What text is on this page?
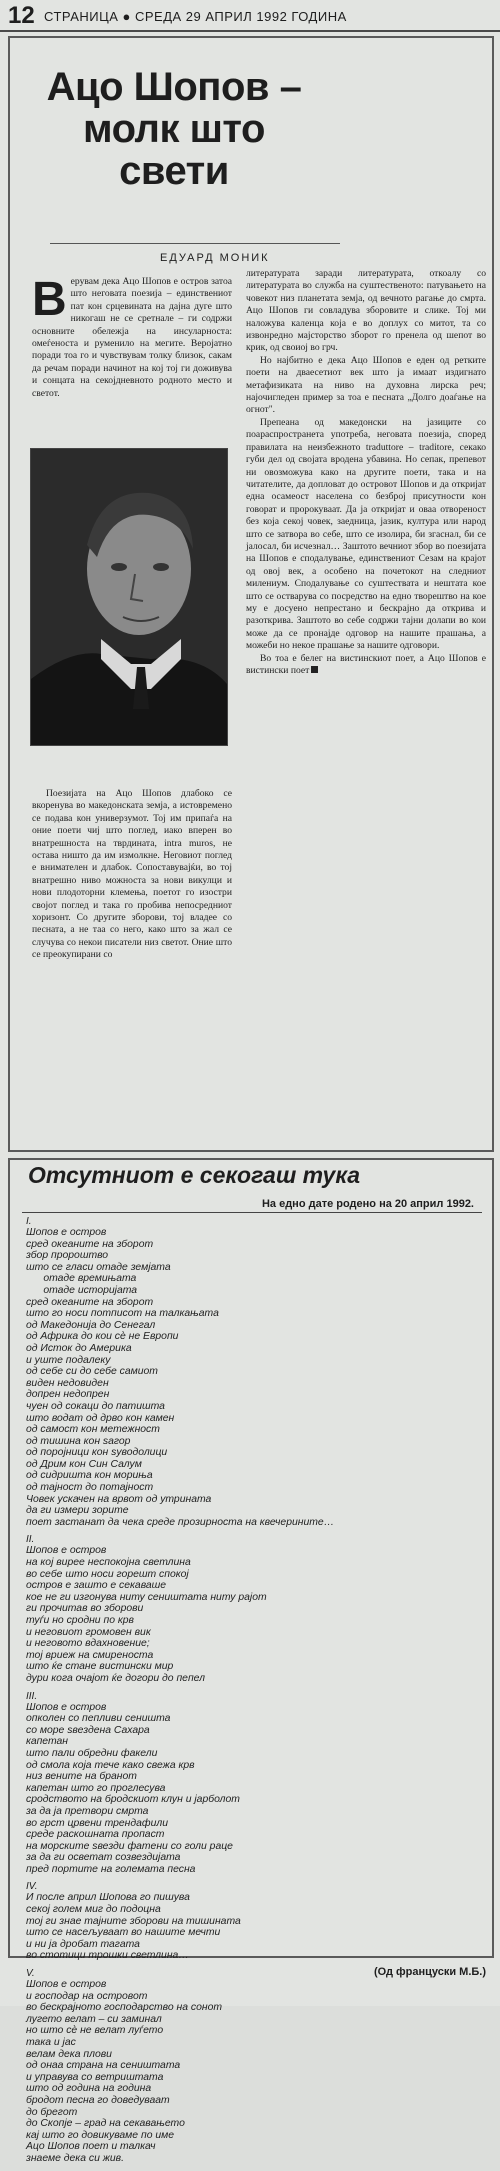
12 СТРАНИЦА ● СРЕДА 29 АПРИЛ 1992 ГОДИНА
Ацо Шопов – молк што свети
ЕДУАРД МОНИК
В ерувам дека Ацо Шопов е остров затоа што неговата поезија – единствениот пат кон срцевината на дајна дуге што никогаш не се сретнале – ги содржи основните обележја на инсуларноста: омеѓеноста и руменило на мегите. Веројатно поради тоа го и чувствувам толку близок, сакам да речам поради начинот на кој тој ги доживува и сонцата на секојдневното родното место и светот.

литературата заради литературата, откоалу со литературата во служба на суштественото: патувањето на човекот низ планетата земја, од вечното рагање до смрта. Ацо Шопов ги совладува зборовите и слике. Тој ми наложува каленца која е во доплух со митот, та со извонредно мајсторство зборот го пренела од шепот во крик, од своиој во грч.

Но најбитно е дека Ацо Шопов е еден од ретките поети на дваесетиот век што ја имаат издигнато метафизиката на ниво на духовна лирска реч; најочигледен пример за тоа е песната „Долго доаѓање на огнот".

Препеана од македонски на јазиците со поараспространета употреба, неговата поезија, според правилата на неизбежното traduttore – traditore, секако губи дел од својата вродена убавина. Но сепак, препевот ни овозможува како на другите поети, така и на читателите, да допловат до островот Шопов и да откријат една осамеост населена со безброј присутности кон говорат и пророкуваат. Да ја откријат и оваа отвореност без која секој човек, заедница, јазик, култура или народ што се затвора во себе, што се изолира, би згаснал, би се јалосал, би исчезнал… Заштото вечниот збор во поезијата на Шопов е сподалување, единствениот Сезам на крајот од овој век, а особено на почетокот на следниот милениум. Сподалување со суштествата и нештата кое што се остварува со посредство на едно творештво на кое му е досуено непрестано и бескрајно да открива и разоткрива. Заштото во себе содржи тајни долапи во кои може да се пронајде одговор на нашите прашања, а можеби но некое прашање за нашите одговори.

Во тоа е белег на вистинскиот поет, а Ацо Шопов е вистински поет

Поезијата на Ацо Шопов длабоко се вкоренува во македонската земја, а истовремено се подава кон универзумот. Тој им припаѓа на оние поети чиј што поглед, иако вперен во внатрешноста на тврдината, intra muros, не остава ништо да им измолкне. Неговиот поглед е внимателен и длабок. Сопоставувајќи, во тој внатрешно ниво можноста за нови викулци и нови плодоторни клемења, поетот го изостри својот поглед и така го пробива непосредниот хоризонт. Со другите зборови, тој владее со песната, а не таа со него, како што за жал се случува со некои писатели низ светот. Оние што се преокупирани со

Отсутниот е секогаш тука
На едно дате родено на 20 април 1992.
I.
Шопов е остров
сред океаните на зборот
збор пророштво
што се гласи отаде земјата
отаде времињата
отаде историјата
сред океаните на зборот
што го носи потписот на талкањата
од Македонија до Сенегал
од Африка до кои сѐ не Европи
од Исток до Америка
и уште подалеку
од себе си до себе самиот
виден недовиден
допрен недопрен
чуен од сокаци до патишта
што водат од дрво кон камен
од самост кон метежност
од тишина кон ѕагор
од поројници кон ѕуводолици
од Дрим кон Син Салум
од сидришта кон морињa
од тајност до потајност
Човек ускачен на врвот од утрината
да ги измери зорите
поет застанат да чека среде прозирноста на квечеринитe…
II.
Шопов е остров
на кој вирее неспокојна светлина
во себе што носи горешт спокој
остров е зашто е секаваше
кое не ги изгонува ниту сеништата ниту рајот
ги прочитав во зборови
туѓи но сродни по крв
и неговиот громовен вик
и неговото вдахновение;
тој вриеж на смиреноста
што ќе стане вистински мир
дури кога очајот ќе догори до пепел
III.
Шопов е остров
опколен со пепливи сеништа
со море ѕвездена Сахара
капетан
што пали обредни факели
од смола која тече како свежа крв
низ вените на бранот
капетан што го проглесува
сродството на бродскиот клун и јарболот
за да ја претвори смрта
во грст црвени трендафили
среде раскошната пропаст
на морските ѕвезди фатени со голи раце
за да ги осветат созвездијата
пред портите на големата песна
IV.
И после април Шопова го пишува
секој голем миг до подоцна
тој ги знае тајните зборови на тишината
што се насељуваат во нашите мечти
и ни ја дробат тагата
во стотици трошки светлина…
V.
Шопов е остров
и господар на островот
во бескрајното господарство на сонот
лугето велат – си заминал
но што сѐ не велат луѓето
така и јас
велам дека плови
од онаа страна на сеништата
и управува со ветриштата
што од година на година
бродот песна го доведуваат
до брегот
до Скопје – град на секавањето
каj што го довикуваме по име
Ацо Шопов поет и талкач
знаеме дека си жив.
(Од француски М.Б.)
